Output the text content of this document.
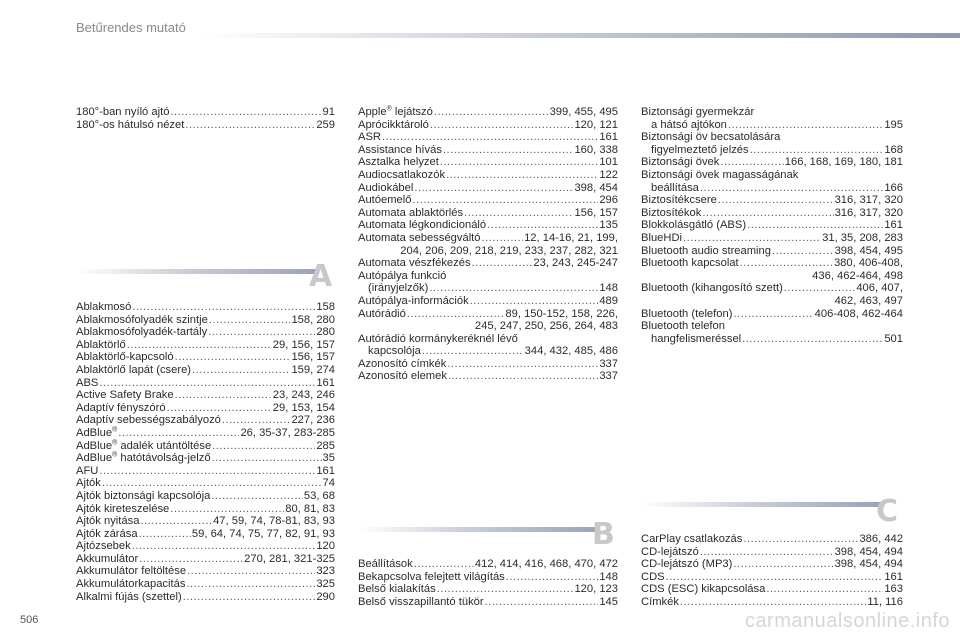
Betűrendes mutató
180°-ban nyíló ajtó .....	91
180°-os hátulsó nézet .....	259
A
Ablakmosó .....	158
Ablakmosófolyadék szintje .....	158, 280
Ablakmosófolyadék-tartály .....	280
Ablaktörlő .....	29, 156, 157
Ablaktörlő-kapcsoló .....	156, 157
Ablaktörlő lapát (csere) .....	159, 274
ABS .....	161
Active Safety Brake .....	23, 243, 246
Adaptív fényszóró .....	29, 153, 154
Adaptív sebességszabályozó .....	227, 236
AdBlue® .....	26, 35-37, 283-285
AdBlue® adalék utántöltése .....	285
AdBlue® hatótávolság-jelző .....	35
AFU .....	161
Ajtók .....	74
Ajtók biztonsági kapcsolója .....	53, 68
Ajtók kireteszelése .....	80, 81, 83
Ajtók nyitása .....	47, 59, 74, 78-81, 83, 93
Ajtók zárása .....	59, 64, 74, 75, 77, 82, 91, 93
Ajtózsebek .....	120
Akkumulátor .....	270, 281, 321-325
Akkumulátor feltöltése .....	323
Akkumulátorkapacitás .....	325
Alkalmi fújás (szettel) .....	290
Apple® lejátszó .....	399, 455, 495
Aprócikktároló .....	120, 121
ASR .....	161
Assistance hívás .....	160, 338
Asztalka helyzet .....	101
Audiocsatlakozók .....	122
Audiokábel .....	398, 454
Autóemelő .....	296
Automata ablaktörlés .....	156, 157
Automata légkondicionáló .....	135
Automata sebességváltó .....	12, 14-16, 21, 199,
204, 206, 209, 218, 219, 233, 237, 282, 321
Automata vészfékezés .....	23, 243, 245-247
Autópálya funkció
(irányjelzők) .....	148
Autópálya-információk .....	489
Autórádió .....	89, 150-152, 158, 226,
245, 247, 250, 256, 264, 483
Autórádió kormánykeréknél lévő
kapcsolója .....	344, 432, 485, 486
Azonosító címkék .....	337
Azonosító elemek .....	337
B
Beállítások .....	412, 414, 416, 468, 470, 472
Bekapcsolva felejtett világítás .....	148
Belső kialakítás .....	120, 123
Belső visszapillantó tükör .....	145
Biztonsági gyermekzár
a hátsó ajtókon .....	195
Biztonsági öv becsatolására
figyelmeztető jelzés .....	168
Biztonsági övek .....	166, 168, 169, 180, 181
Biztonsági övek magasságának
beállítása .....	166
Biztosítékcsere .....	316, 317, 320
Biztosítékok .....	316, 317, 320
Blokkolásgátló (ABS) .....	161
BlueHDi .....	31, 35, 208, 283
Bluetooth audio streaming .....	398, 454, 495
Bluetooth kapcsolat .....	380, 406-408,
436, 462-464, 498
Bluetooth (kihangosító szett) .....	406, 407,
462, 463, 497
Bluetooth (telefon) .....	406-408, 462-464
Bluetooth telefon
hangfelismeréssel .....	501
C
CarPlay csatlakozás .....	386, 442
CD-lejátszó .....	398, 454, 494
CD-lejátszó (MP3) .....	398, 454, 494
CDS .....	161
CDS (ESC) kikapcsolása .....	163
Címkék .....	11, 116
506	carmanualsonline.info
